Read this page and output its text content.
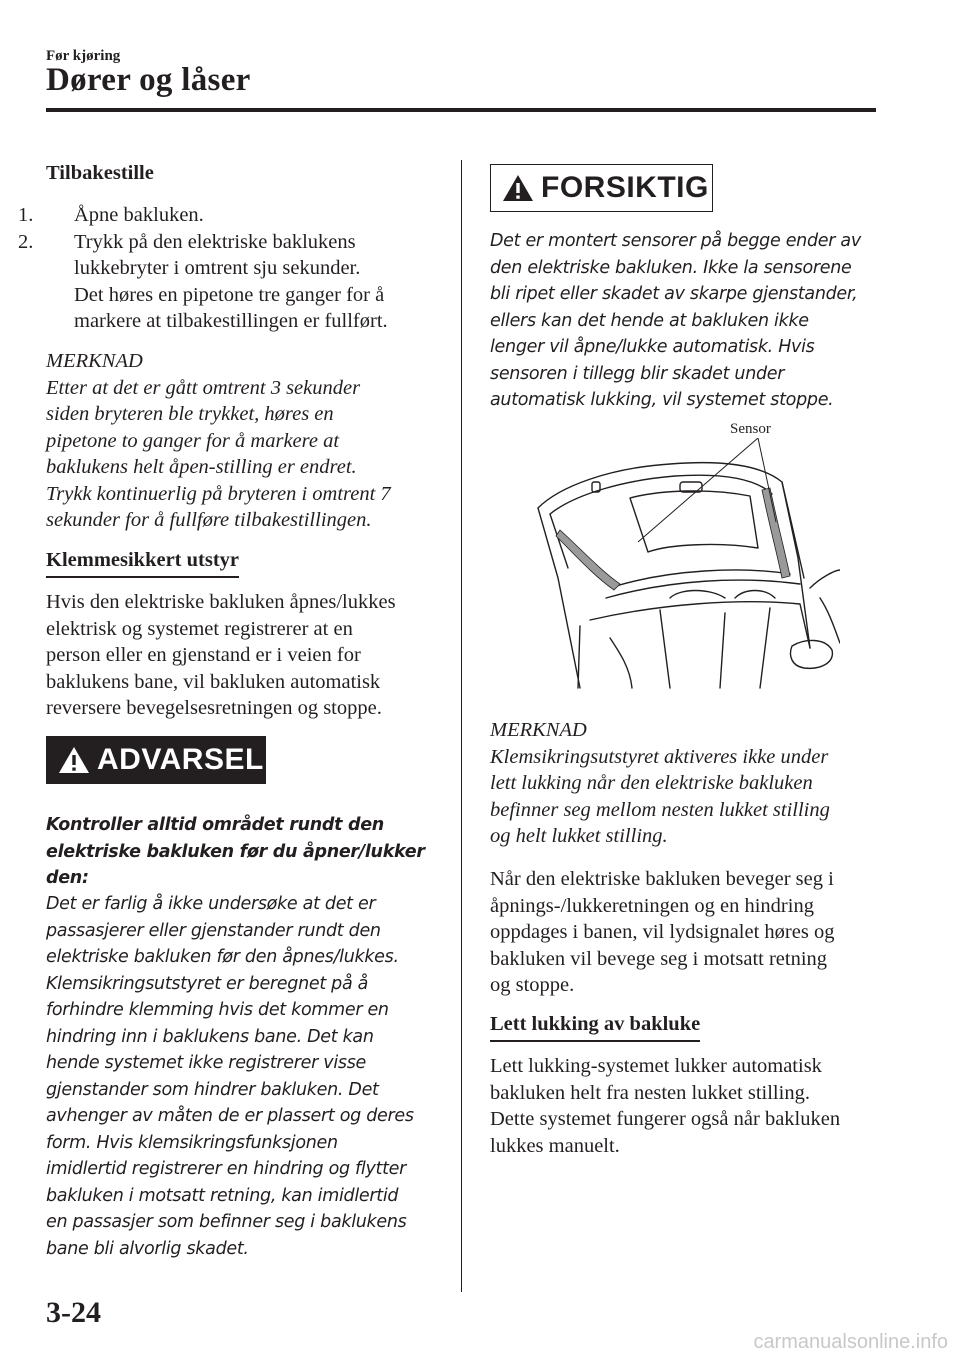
Før kjøring
Dører og låser
Tilbakestille
1. Åpne bakluken.
2. Trykk på den elektriske baklukens
lukkebryter i omtrent sju sekunder.
Det høres en pipetone tre ganger for å
markere at tilbakestillingen er fullført.
MERKNAD
Etter at det er gått omtrent 3 sekunder
siden bryteren ble trykket, høres en
pipetone to ganger for å markere at
baklukens helt åpen-stilling er endret.
Trykk kontinuerlig på bryteren i omtrent 7
sekunder for å fullføre tilbakestillingen.
Klemmesikkert utstyr
Hvis den elektriske bakluken åpnes/lukkes
elektrisk og systemet registrerer at en
person eller en gjenstand er i veien for
baklukens bane, vil bakluken automatisk
reversere bevegelsesretningen og stoppe.
ADVARSEL
Kontroller alltid området rundt den
elektriske bakluken før du åpner/lukker
den:
Det er farlig å ikke undersøke at det er
passasjerer eller gjenstander rundt den
elektriske bakluken før den åpnes/lukkes.
Klemsikringsutstyret er beregnet på å
forhindre klemming hvis det kommer en
hindring inn i baklukens bane. Det kan
hende systemet ikke registrerer visse
gjenstander som hindrer bakluken. Det
avhenger av måten de er plassert og deres
form. Hvis klemsikringsfunksjonen
imidlertid registrerer en hindring og flytter
bakluken i motsatt retning, kan imidlertid
en passasjer som befinner seg i baklukens
bane bli alvorlig skadet.
FORSIKTIG
Det er montert sensorer på begge ender av
den elektriske bakluken. Ikke la sensorene
bli ripet eller skadet av skarpe gjenstander,
ellers kan det hende at bakluken ikke
lenger vil åpne/lukke automatisk. Hvis
sensoren i tillegg blir skadet under
automatisk lukking, vil systemet stoppe.
Sensor
MERKNAD
Klemsikringsutstyret aktiveres ikke under
lett lukking når den elektriske bakluken
befinner seg mellom nesten lukket stilling
og helt lukket stilling.
Når den elektriske bakluken beveger seg i
åpnings-/lukkeretningen og en hindring
oppdages i banen, vil lydsignalet høres og
bakluken vil bevege seg i motsatt retning
og stoppe.
Lett lukking av bakluke
Lett lukking-systemet lukker automatisk
bakluken helt fra nesten lukket stilling.
Dette systemet fungerer også når bakluken
lukkes manuelt.
3-24
carmanualsonline.info
